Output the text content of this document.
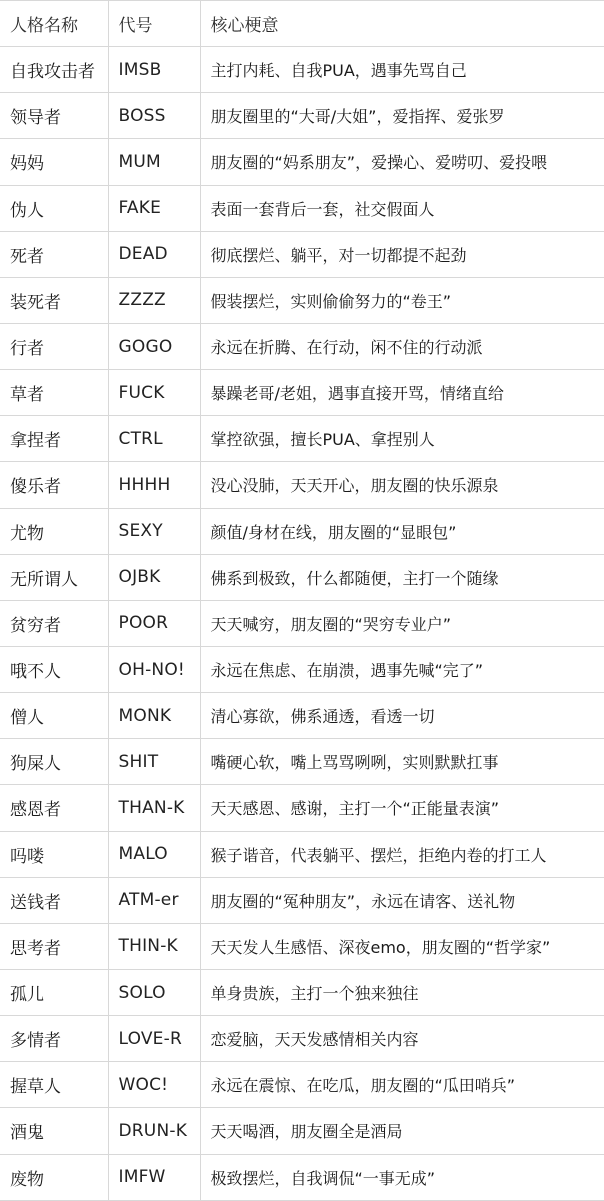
人格名称	代号	核心梗意
自我攻击者	IMSB	主打内耗、自我PUA，遇事先骂自己
领导者	BOSS	朋友圈里的“大哥/大姐”，爱指挥、爱张罗
妈妈	MUM	朋友圈的“妈系朋友”，爱操心、爱唠叨、爱投喂
伪人	FAKE	表面一套背后一套，社交假面人
死者	DEAD	彻底摆烂、躺平，对一切都提不起劲
装死者	ZZZZ	假装摆烂，实则偷偷努力的“卷王”
行者	GOGO	永远在折腾、在行动，闲不住的行动派
草者	FUCK	暴躁老哥/老姐，遇事直接开骂，情绪直给
拿捏者	CTRL	掌控欲强，擅长PUA、拿捏别人
傻乐者	HHHH	没心没肺，天天开心，朋友圈的快乐源泉
尤物	SEXY	颜值/身材在线，朋友圈的“显眼包”
无所谓人	OJBK	佛系到极致，什么都随便，主打一个随缘
贫穷者	POOR	天天喊穷，朋友圈的“哭穷专业户”
哦不人	OH-NO!	永远在焦虑、在崩溃，遇事先喊“完了”
僧人	MONK	清心寡欲，佛系通透，看透一切
狗屎人	SHIT	嘴硬心软，嘴上骂骂咧咧，实则默默扛事
感恩者	THAN-K	天天感恩、感谢，主打一个“正能量表演”
吗喽	MALO	猴子谐音，代表躺平、摆烂，拒绝内卷的打工人
送钱者	ATM-er	朋友圈的“冤种朋友”，永远在请客、送礼物
思考者	THIN-K	天天发人生感悟、深夜emo，朋友圈的“哲学家”
孤儿	SOLO	单身贵族，主打一个独来独往
多情者	LOVE-R	恋爱脑，天天发感情相关内容
握草人	WOC!	永远在震惊、在吃瓜，朋友圈的“瓜田哨兵”
酒鬼	DRUN-K	天天喝酒，朋友圈全是酒局
废物	IMFW	极致摆烂，自我调侃“一事无成”
